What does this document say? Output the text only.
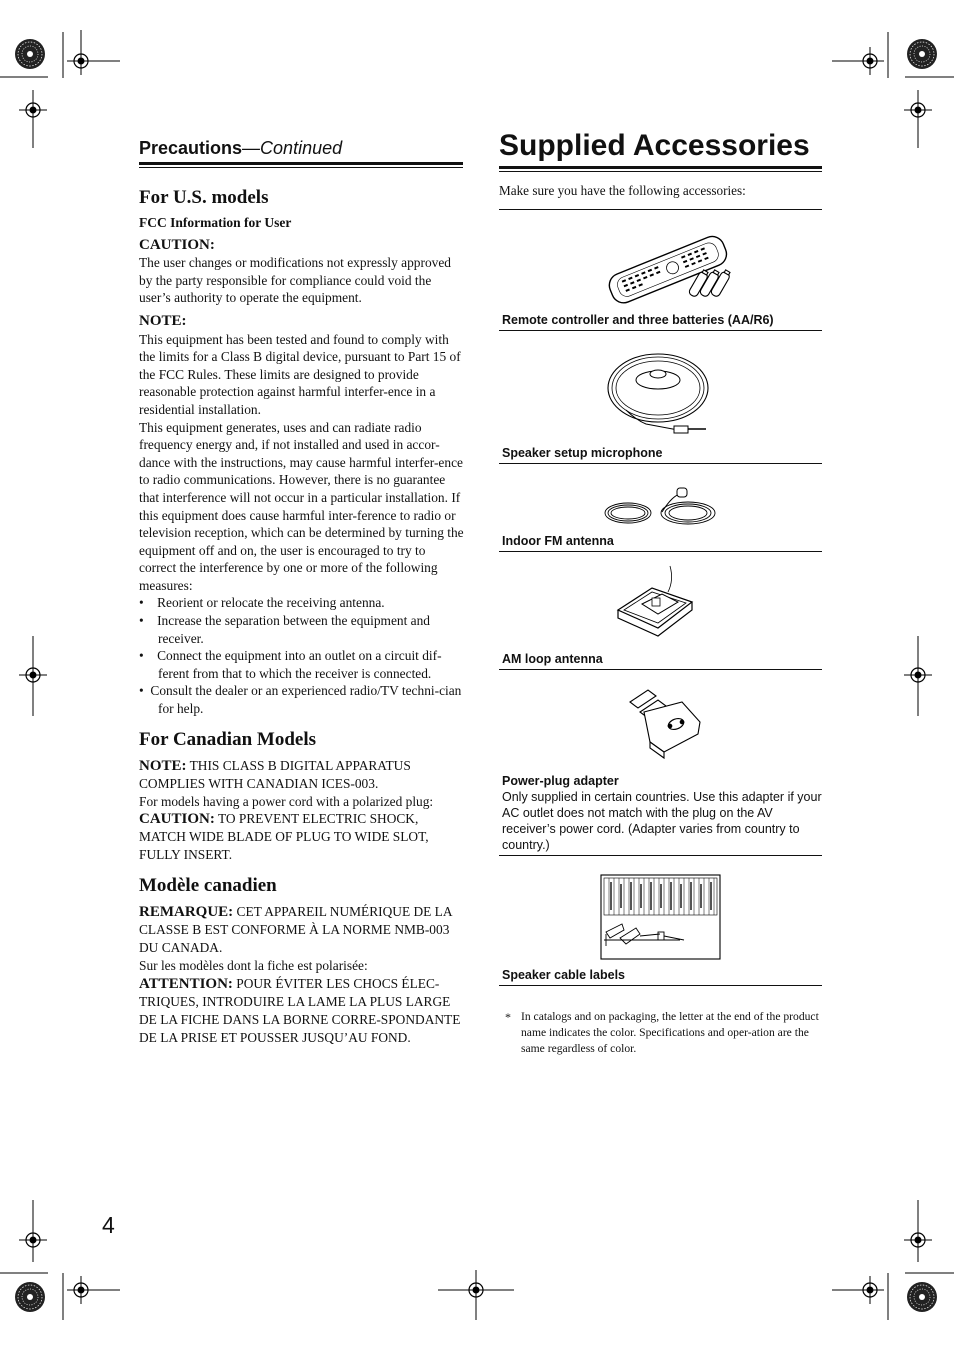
Precautions—Continued
For U.S. models

FCC Information for User

CAUTION:

The user changes or modifications not expressly approved by the party responsible for compliance could void the user’s authority to operate the equipment.

NOTE:

This equipment has been tested and found to comply with the limits for a Class B digital device, pursuant to Part 15 of the FCC Rules. These limits are designed to provide reasonable protection against harmful interfer-ence in a residential installation.

This equipment generates, uses and can radiate radio frequency energy and, if not installed and used in accor-dance with the instructions, may cause harmful interfer-ence to radio communications. However, there is no guarantee that interference will not occur in a particular installation. If this equipment does cause harmful inter-ference to radio or television reception, which can be determined by turning the equipment off and on, the user is encouraged to try to correct the interference by one or more of the following measures:

• Reorient or relocate the receiving antenna.
• Increase the separation between the equipment and receiver.
• Connect the equipment into an outlet on a circuit dif-ferent from that to which the receiver is connected.
• Consult the dealer or an experienced radio/TV techni-cian for help.
For Canadian Models

NOTE: THIS CLASS B DIGITAL APPARATUS COMPLIES WITH CANADIAN ICES-003.

For models having a power cord with a polarized plug:

CAUTION: TO PREVENT ELECTRIC SHOCK, MATCH WIDE BLADE OF PLUG TO WIDE SLOT, FULLY INSERT.

Modèle canadien

REMARQUE: CET APPAREIL NUMÉRIQUE DE LA CLASSE B EST CONFORME À LA NORME NMB-003 DU CANADA.

Sur les modèles dont la fiche est polarisée:

ATTENTION: POUR ÉVITER LES CHOCS ÉLEC-TRIQUES, INTRODUIRE LA LAME LA PLUS LARGE DE LA FICHE DANS LA BORNE CORRE-SPONDANTE DE LA PRISE ET POUSSER JUSQU’AU FOND.

Supplied Accessories

Make sure you have the following accessories:

Remote controller and three batteries (AA/R6)
Speaker setup microphone
Indoor FM antenna
AM loop antenna
Power-plug adapter
Only supplied in certain countries. Use this adapter if your AC outlet does not match with the plug on the AV receiver’s power cord. (Adapter varies from country to country.)
Speaker cable labels
* In catalogs and on packaging, the letter at the end of the product name indicates the color. Specifications and oper-ation are the same regardless of color.

4
